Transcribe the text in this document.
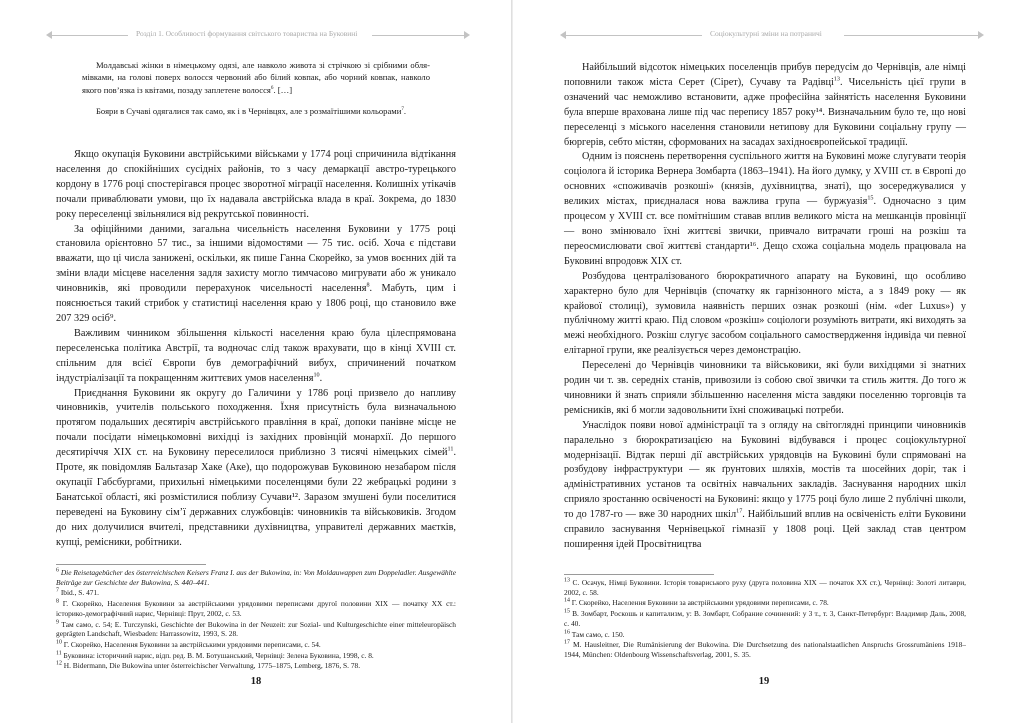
Розділ 1. Особливості формування світського товариства на Буковині

Молдавські жінки в німецькому одязі, але навколо живота зі стрічкою зі срібними облямівками, на голові поверх волосся червоний або білий ковпак, або чорний ковпак, навколо якого пов’язка із квітами, позаду заплетене волосся$^6$. […]

Бояри в Сучаві одягалися так само, як і в Чернівцях, але з розмаїтішими кольорами$^7$.

Якщо окупація Буковини австрійськими військами у 1774 році спричинила відтікання населення до спокійніших сусідніх районів, то з часу демаркації австро-турецького кордону в 1776 році спостерігався процес зворотної міграції населення. Колишніх утікачів почали приваблювати умови, що їх надавала австрійська влада в краї. Зокрема, до 1830 року переселенці звільнялися від рекрутської повинності.

За офіційними даними, загальна чисельність населення Буковини у 1775 році становила орієнтовно 57 тис., за іншими відомостями — 75 тис. осіб. Хоча є підстави вважати, що ці числа занижені, оскільки, як пише Ганна Скорейко, за умов воєнних дій та зміни влади місцеве населення задля захисту могло тимчасово мигрувати або ж уникало чиновників, які проводили перерахунок чисельності населення$^8$. Мабуть, цим і пояснюється такий стрибок у статистиці населення краю у 1806 році, що становило вже 207 329 осіб⁹.

Важливим чинником збільшення кількості населення краю була цілеспрямована переселенська політика Австрії, та водночас слід також врахувати, що в кінці XVIII ст. спільним для всієї Європи був демографічний вибух, спричинений початком індустріалізації та покращенням життєвих умов населення$^{10}$.

Приєднання Буковини як округу до Галичини у 1786 році призвело до напливу чиновників, учителів польського походження. Їхня присутність була визначальною протягом подальших десятиріч австрійського правління в краї, допоки панівне місце не почали посідати німецькомовні вихідці із західних провінцій монархії. До першого десятиріччя XIX ст. на Буковину переселилося приблизно 3 тисячі німецьких сімей$^{11}$. Проте, як повідомляв Бальтазар Хаке (Аке), що подорожував Буковиною незабаром після окупації Габсбургами, прихильні німецькими поселенцями були 22 жебрацькі родини з Банатської області, які розмістилися поблизу Сучави¹². Заразом змушені були поселитися переведені на Буковину сім’ї державних службовців: чиновників та військовиків. Згодом до них долучилися вчителі, представники духівництва, управителі державних маєтків, купці, ремісники, робітники.

$^6$ Die Reisetagebücher des österreichischen Keisers Franz I. aus der Bukowina, in: Von Moldauwappen zum Doppeladler. Ausgewählte Beiträge zur Geschichte der Bukowina, S. 440–441.

$^7$ Ibid., S. 471.

$^8$ Г. Скорейко, Населення Буковини за австрійськими урядовими переписами другої половини XIX — початку XX ст.: історико-демографічний нарис, Чернівці: Прут, 2002, с. 53.

$^9$ Там само, с. 54; E. Turczynski, Geschichte der Bukowina in der Neuzeit: zur Sozial- und Kulturgeschichte einer mitteleuropäisch geprägten Landschaft, Wiesbaden: Harrassowitz, 1993, S. 28.

$^{10}$ Г. Скорейко, Населення Буковини за австрійськими урядовими переписами, с. 54.

$^{11}$ Буковина: історичний нарис, відп. ред. В. М. Ботушанський, Чернівці: Зелена Буковина, 1998, с. 8.

$^{12}$ H. Bidermann, Die Bukowina unter österreichischer Verwaltung, 1775–1875, Lemberg, 1876, S. 78.

18
Соціокультурні зміни на потраничі

Найбільший відсоток німецьких поселенців прибув передусім до Чернівців, але німці поповнили також міста Серет (Сірет), Сучаву та Радівці$^{13}$. Чисельність цієї групи в означений час неможливо встановити, адже професійна зайнятість населення Буковини була вперше врахована лише під час перепису 1857 року¹⁴. Визначальним було те, що нові переселенці з міського населення становили нетипову для Буковини соціальну групу — бюргерів, себто містян, сформованих на засадах західноєвропейської традиції.

Одним із пояснень перетворення суспільного життя на Буковині може слугувати теорія соціолога й історика Вернера Зомбарта (1863–1941). На його думку, у XVIII ст. в Європі до основних «споживачів розкоші» (князів, духівництва, знаті), що зосереджувалися у великих містах, приєдналася нова важлива група — буржуазія$^{15}$. Одночасно з цим процесом у XVIII ст. все помітнішим ставав вплив великого міста на мешканців провінції — воно змінювало їхні життєві звички, привчало витрачати гроші на розкіш та переосмислювати свої життєві стандарти¹⁶. Дещо схожа соціальна модель працювала на Буковині впродовж XIX ст.

Розбудова централізованого бюрократичного апарату на Буковині, що особливо характерно було для Чернівців (спочатку як гарнізонного міста, а з 1849 року — як крайової столиці), зумовила наявність перших ознак розкоші (нім. «der Luxus») у публічному житті краю. Під словом «розкіш» соціологи розуміють витрати, які виходять за межі необхідного. Розкіш слугує засобом соціального самоствердження індивіда чи певної елітарної групи, яке реалізується через демонстрацію.

Переселені до Чернівців чиновники та військовики, які були вихідцями зі знатних родин чи т. зв. середніх станів, привозили із собою свої звички та стиль життя. До того ж чиновники й знать сприяли збільшенню населення міста завдяки поселенню торговців та ремісників, які б могли задовольнити їхні споживацькі потреби.

Унаслідок появи нової адміністрації та з огляду на світоглядні принципи чиновників паралельно з бюрократизацією на Буковині відбувався і процес соціокультурної модернізації. Відтак перші дії австрійських урядовців на Буковині були спрямовані на розбудову інфраструктури — як ґрунтових шляхів, мостів та шосейних доріг, так і адміністративних установ та освітніх навчальних закладів. Заснування народних шкіл сприяло зростанню освіченості на Буковині: якщо у 1775 році було лише 2 публічні школи, то до 1787-го — вже 30 народних шкіл$^{17}$. Найбільший вплив на освіченість еліти Буковини справило заснування Чернівецької гімназії у 1808 році. Цей заклад став центром поширення ідей Просвітництва

$^{13}$ С. Осачук, Німці Буковини. Історія товариського руху (друга половина XIX — початок XX ст.), Чернівці: Золоті литаври, 2002, с. 58.

$^{14}$ Г. Скорейко, Населення Буковини за австрійськими урядовими переписами, с. 78.

$^{15}$ В. Зомбарт, Роскошь и капитализм, у: В. Зомбарт, Собрание сочинений: у 3 т., т. 3, Санкт-Петербург: Владимир Даль, 2008, с. 40.

$^{16}$ Там само, с. 150.

$^{17}$ M. Hausleitner, Die Rumänisierung der Bukowina. Die Durchsetzung des nationalstaatlichen Anspruchs Grossrumäniens 1918–1944, München: Oldenbourg Wissenschaftsverlag, 2001, S. 35.

19
